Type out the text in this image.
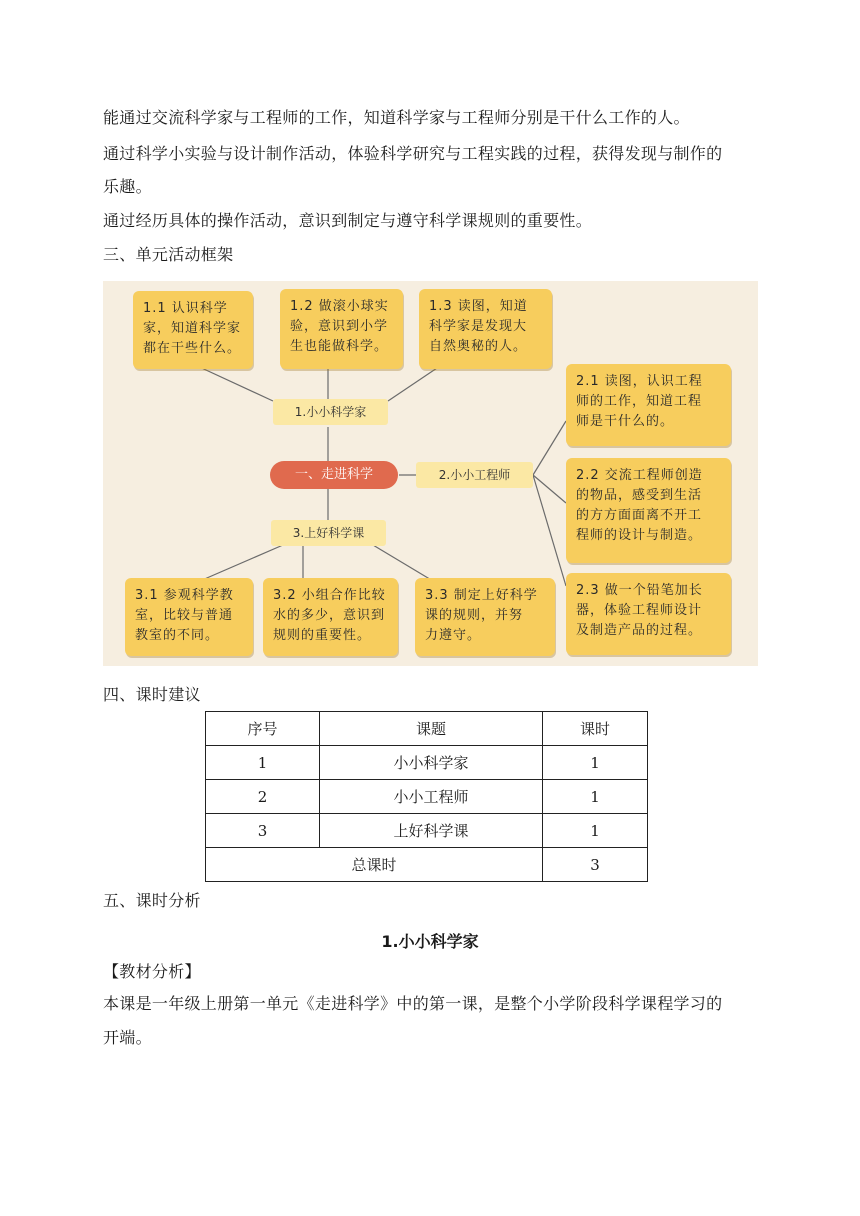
能通过交流科学家与工程师的工作，知道科学家与工程师分别是干什么工作的人。
通过科学小实验与设计制作活动，体验科学研究与工程实践的过程，获得发现与制作的
乐趣。
通过经历具体的操作活动，意识到制定与遵守科学课规则的重要性。
三、单元活动框架
1.1 认识科学
家，知道科学家
都在干些什么。
1.2 做滚小球实
验，意识到小学
生也能做科学。
1.3 读图，知道
科学家是发现大
自然奥秘的人。
2.1 读图，认识工程
师的工作，知道工程
师是干什么的。
2.2 交流工程师创造
的物品，感受到生活
的方方面面离不开工
程师的设计与制造。
2.3 做一个铅笔加长
器，体验工程师设计
及制造产品的过程。
1.小小科学家
一、走进科学	2.小小工程师
3.上好科学课
3.1 参观科学教
室，比较与普通
教室的不同。
3.2 小组合作比较
水的多少，意识到
规则的重要性。
3.3 制定上好科学
课的规则，并努
力遵守。
四、课时建议
序号	课题	课时
1	小小科学家	1
2	小小工程师	1
3	上好科学课	1
总课时		3
五、课时分析
1.小小科学家
【教材分析】
本课是一年级上册第一单元《走进科学》中的第一课，是整个小学阶段科学课程学习的
开端。
